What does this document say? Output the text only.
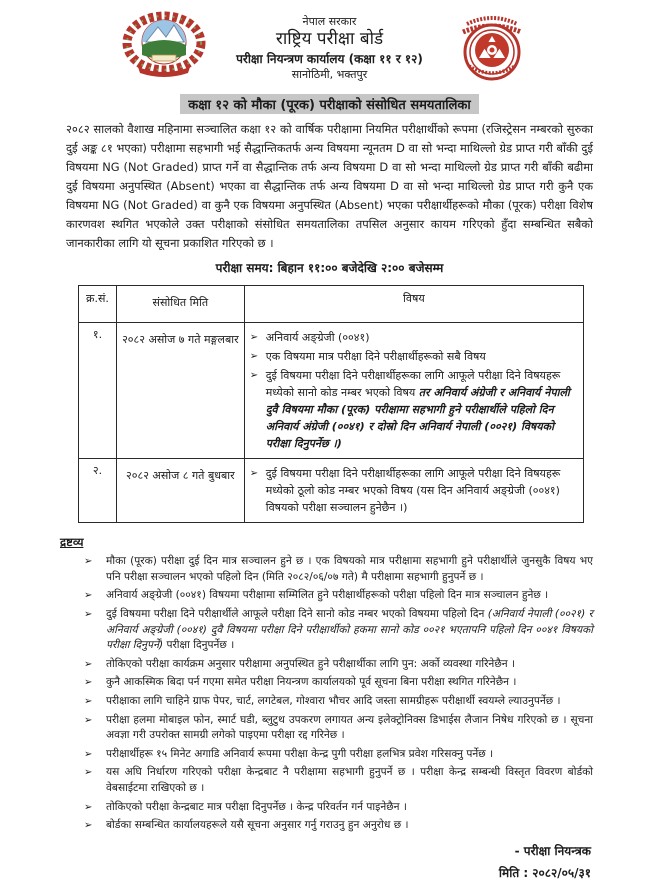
नेपाल सरकार
राष्ट्रिय परीक्षा बोर्ड
परीक्षा नियन्त्रण कार्यालय (कक्षा ११ र १२)
सानोठिमी, भक्तपुर
कक्षा १२ को मौका (पूरक) परीक्षाको संसोधित समयतालिका

२०८२ सालको वैशाख महिनामा सञ्चालित कक्षा १२ को वार्षिक परीक्षामा नियमित परीक्षार्थीको रूपमा (रजिस्ट्रेसन नम्बरको सुरुका दुई अङ्क ८१ भएका) परीक्षामा सहभागी भई सैद्धान्तिकतर्फ अन्य विषयमा न्यूनतम D वा सो भन्दा माथिल्लो ग्रेड प्राप्त गरी बाँकी दुई विषयमा NG (Not Graded) प्राप्त गर्ने वा सैद्धान्तिक तर्फ अन्य विषयमा D वा सो भन्दा माथिल्लो ग्रेड प्राप्त गरी बाँकी बढीमा दुई विषयमा अनुपस्थित (Absent) भएका वा सैद्धान्तिक तर्फ अन्य विषयमा D वा सो भन्दा माथिल्लो ग्रेड प्राप्त गरी कुनै एक विषयमा NG (Not Graded) वा कुनै एक विषयमा अनुपस्थित (Absent) भएका परीक्षार्थीहरूको मौका (पूरक) परीक्षा विशेष कारणवश स्थगित भएकोले उक्त परीक्षाको संसोधित समयतालिका तपसिल अनुसार कायम गरिएको हुँदा सम्बन्धित सबैको जानकारीका लागि यो सूचना प्रकाशित गरिएको छ ।

परीक्षा समय: बिहान ११:०० बजेदेखि २:०० बजेसम्म
क्र.सं.	संसोधित मिति	विषय
१.	२०८२ असोज ७ गते मङ्गलबार	➢ अनिवार्य अङ्ग्रेजी (००४१)
➢ एक विषयमा मात्र परीक्षा दिने परीक्षार्थीहरूको सबै विषय
➢ दुई विषयमा परीक्षा दिने परीक्षार्थीहरूका लागि आफूले परीक्षा दिने विषयहरू मध्येको सानो कोड नम्बर भएको विषय तर अनिवार्य अंग्रेजी र अनिवार्य नेपाली दुवै विषयमा मौका (पूरक) परीक्षामा सहभागी हुने परीक्षार्थीले पहिलो दिन अनिवार्य अंग्रेजी (००४१) र दोस्रो दिन अनिवार्य नेपाली (००२१) विषयको परीक्षा दिनुपर्नेछ ।)

२.	२०८२ असोज ८ गते बुधबार	➢ दुई विषयमा परीक्षा दिने परीक्षार्थीहरूका लागि आफूले परीक्षा दिने विषयहरू मध्येको ठूलो कोड नम्बर भएको विषय (यस दिन अनिवार्य अङ्ग्रेजी (००४१) विषयको परीक्षा सञ्चालन हुनेछैन ।)
द्रष्टव्य
➢	मौका (पूरक) परीक्षा दुई दिन मात्र सञ्चालन हुने छ । एक विषयको मात्र परीक्षामा सहभागी हुने परीक्षार्थीले जुनसुकै विषय भए पनि परीक्षा सञ्चालन भएको पहिलो दिन (मिति २०८२/०६/०७ गते) मै परीक्षामा सहभागी हुनुपर्ने छ ।
➢	अनिवार्य अङ्ग्रेजी (००४१) विषयमा परीक्षामा सम्मिलित हुने परीक्षार्थीहरूको परीक्षा पहिलो दिन मात्र सञ्चालन हुनेछ ।
➢	दुई विषयमा परीक्षा दिने परीक्षार्थीले आफूले परीक्षा दिने सानो कोड नम्बर भएको विषयमा पहिलो दिन (अनिवार्य नेपाली (००२१) र अनिवार्य अङ्ग्रेजी (००४१) दुवै विषयमा परीक्षा दिने परीक्षार्थीको हकमा सानो कोड ००२१ भएतापनि पहिलो दिन ००४१ विषयको परीक्षा दिनुपर्ने) परीक्षा दिनुपर्नेछ ।
➢	तोकिएको परीक्षा कार्यक्रम अनुसार परीक्षामा अनुपस्थित हुने परीक्षार्थीका लागि पुन: अर्को व्यवस्था गरिनेछैन ।
➢	कुनै आकस्मिक बिदा पर्न गएमा समेत परीक्षा नियन्त्रण कार्यालयको पूर्व सूचना बिना परीक्षा स्थगित गरिनेछैन ।
➢	परीक्षाका लागि चाहिने ग्राफ पेपर, चार्ट, लगटेबल, गोश्वारा भौचर आदि जस्ता सामग्रीहरू परीक्षार्थी स्वयम्ले ल्याउनुपर्नेछ ।
➢	परीक्षा हलमा मोबाइल फोन, स्मार्ट घडी, ब्लुटुथ उपकरण लगायत अन्य इलेक्ट्रोनिक्स डिभाईस लैजान निषेध गरिएको छ । सूचना अवज्ञा गरी उपरोक्त सामग्री लगेको पाइएमा परीक्षा रद्द गरिनेछ ।
➢	परीक्षार्थीहरू १५ मिनेट अगाडि अनिवार्य रूपमा परीक्षा केन्द्र पुगी परीक्षा हलभित्र प्रवेश गरिसक्नु पर्नेछ ।
➢	यस अघि निर्धारण गरिएको परीक्षा केन्द्रबाट नै परीक्षामा सहभागी हुनुपर्ने छ । परीक्षा केन्द्र सम्बन्धी विस्तृत विवरण बोर्डको वेबसाईटमा राखिएको छ ।
➢	तोकिएको परीक्षा केन्द्रबाट मात्र परीक्षा दिनुपर्नेछ । केन्द्र परिवर्तन गर्न पाइनेछैन ।
➢	बोर्डका सम्बन्धित कार्यालयहरूले यसै सूचना अनुसार गर्नु गराउनु हुन अनुरोध छ ।
- परीक्षा नियन्त्रक
मिति : २०८२/०५/३१
